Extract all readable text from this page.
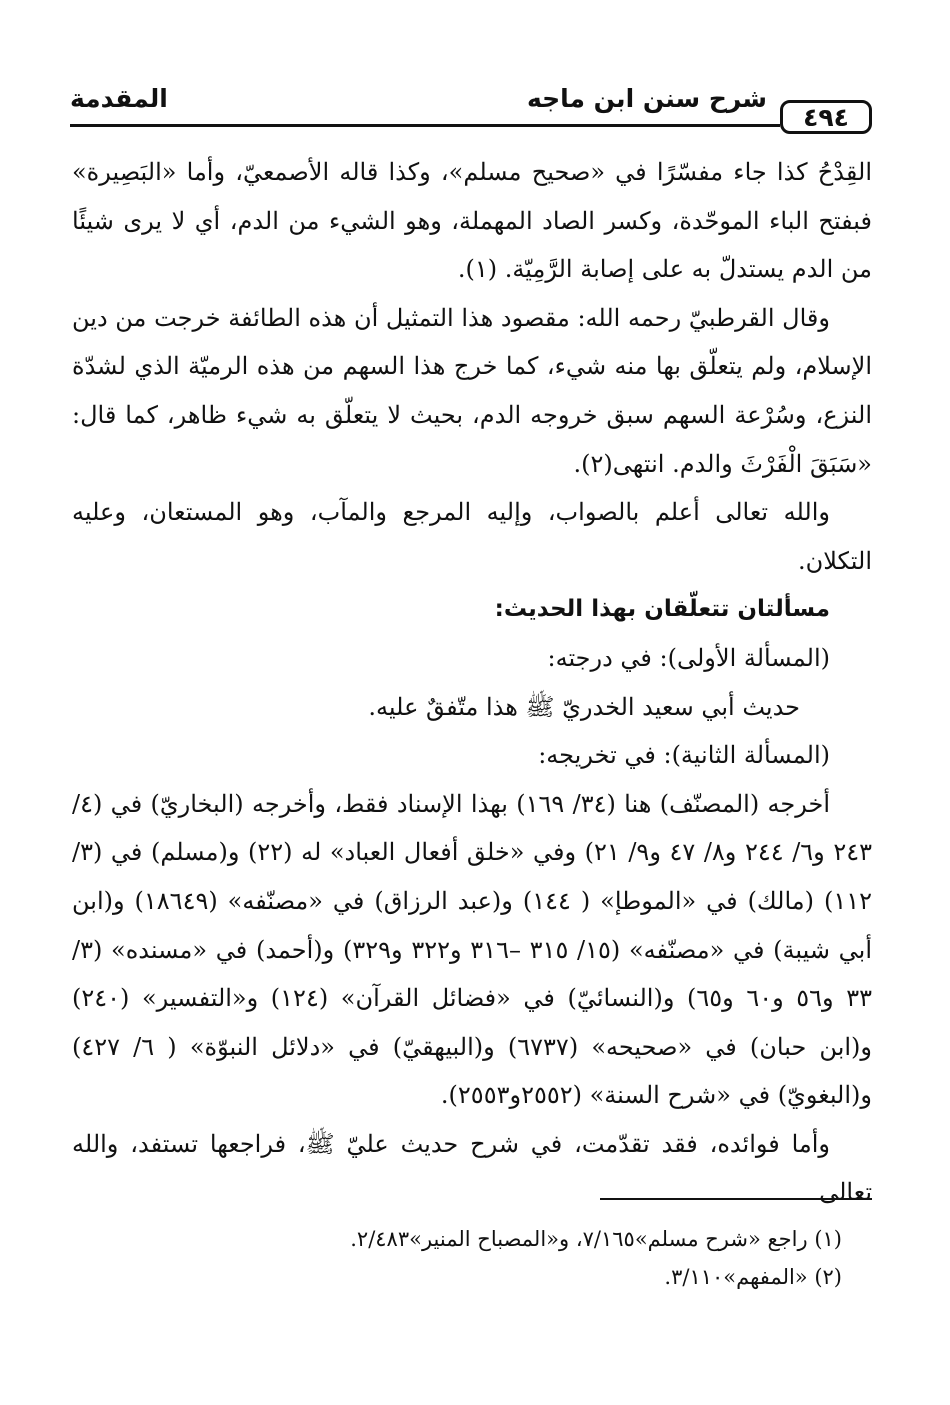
٤٩٤
شرح سنن ابن ماجه
المقدمة

القِدْحُ كذا جاء مفسّرًا في «صحيح مسلم»، وكذا قاله الأصمعيّ، وأما «البَصِيرة» فبفتح الباء الموحّدة، وكسر الصاد المهملة، وهو الشيء من الدم، أي لا يرى شيئًا من الدم يستدلّ به على إصابة الرَّمِيّة. (١).

وقال القرطبيّ رحمه الله: مقصود هذا التمثيل أن هذه الطائفة خرجت من دين الإسلام، ولم يتعلّق بها منه شيء، كما خرج هذا السهم من هذه الرميّة الذي لشدّة النزع، وسُرْعة السهم سبق خروجه الدم، بحيث لا يتعلّق به شيء ظاهر، كما قال: «سَبَقَ الْفَرْثَ والدم. انتهى(٢).

والله تعالى أعلم بالصواب، وإليه المرجع والمآب، وهو المستعان، وعليه التكلان.

مسألتان تتعلّقان بهذا الحديث:

(المسألة الأولى): في درجته:

حديث أبي سعيد الخدريّ ﷺ هذا متّفقٌ عليه.

(المسألة الثانية): في تخريجه:

أخرجه (المصنّف) هنا (٣٤/ ١٦٩) بهذا الإسناد فقط، وأخرجه (البخاريّ) في (٤/ ٢٤٣ و٦/ ٢٤٤ و٨/ ٤٧ و٩/ ٢١) وفي «خلق أفعال العباد» له (٢٢) و(مسلم) في (٣/ ١١٢) (مالك) في «الموطإ» ( ١٤٤) و(عبد الرزاق) في «مصنّفه» (١٨٦٤٩) و(ابن أبي شيبة) في «مصنّفه» (١٥/ ٣١٥ –٣١٦ و٣٢٢ و٣٢٩) و(أحمد) في «مسنده» (٣/ ٣٣ و٥٦ و٦٠ و٦٥) و(النسائيّ) في «فضائل القرآن» (١٢٤) و«التفسير» (٢٤٠) و(ابن حبان) في «صحيحه» (٦٧٣٧) و(البيهقيّ) في «دلائل النبوّة» ( ٦/ ٤٢٧) و(البغويّ) في «شرح السنة» (٢٥٥٢و٢٥٥٣).

وأما فوائده، فقد تقدّمت، في شرح حديث عليّ ﷺ، فراجعها تستفد، والله تعالى

(١) راجع «شرح مسلم»٧/١٦٥، و«المصباح المنير»٢/٤٨٣.

(٢) «المفهم»٣/١١٠.
